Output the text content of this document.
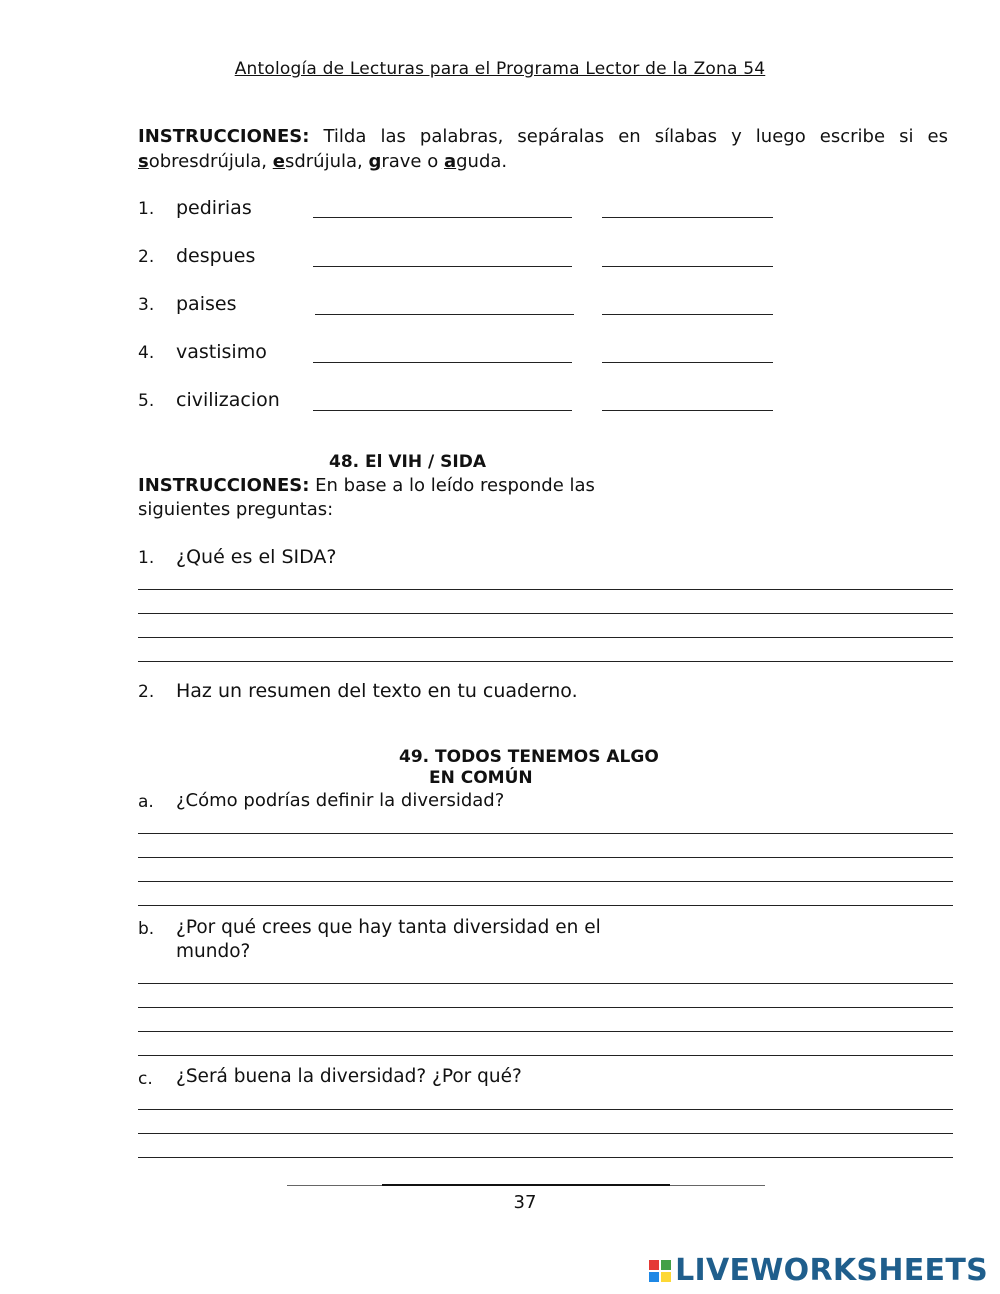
Antología de Lecturas para el Programa Lector de la Zona 54
INSTRUCCIONES: Tilda las palabras, sepáralas en sílabas y luego escribe si es sobresdrújula, esdrújula, grave o aguda.
1. pedirias
2. despues
3. paises
4. vastisimo
5. civilizacion
48. El VIH / SIDA
INSTRUCCIONES: En base a lo leído responde las siguientes preguntas:
1. ¿Qué es el SIDA?
2. Haz un resumen del texto en tu cuaderno.
49. TODOS TENEMOS ALGO
EN COMÚN
a. ¿Cómo podrías definir la diversidad?
b. ¿Por qué crees que hay tanta diversidad en el mundo?
c. ¿Será buena la diversidad? ¿Por qué?
37
LIVEWORKSHEETS
